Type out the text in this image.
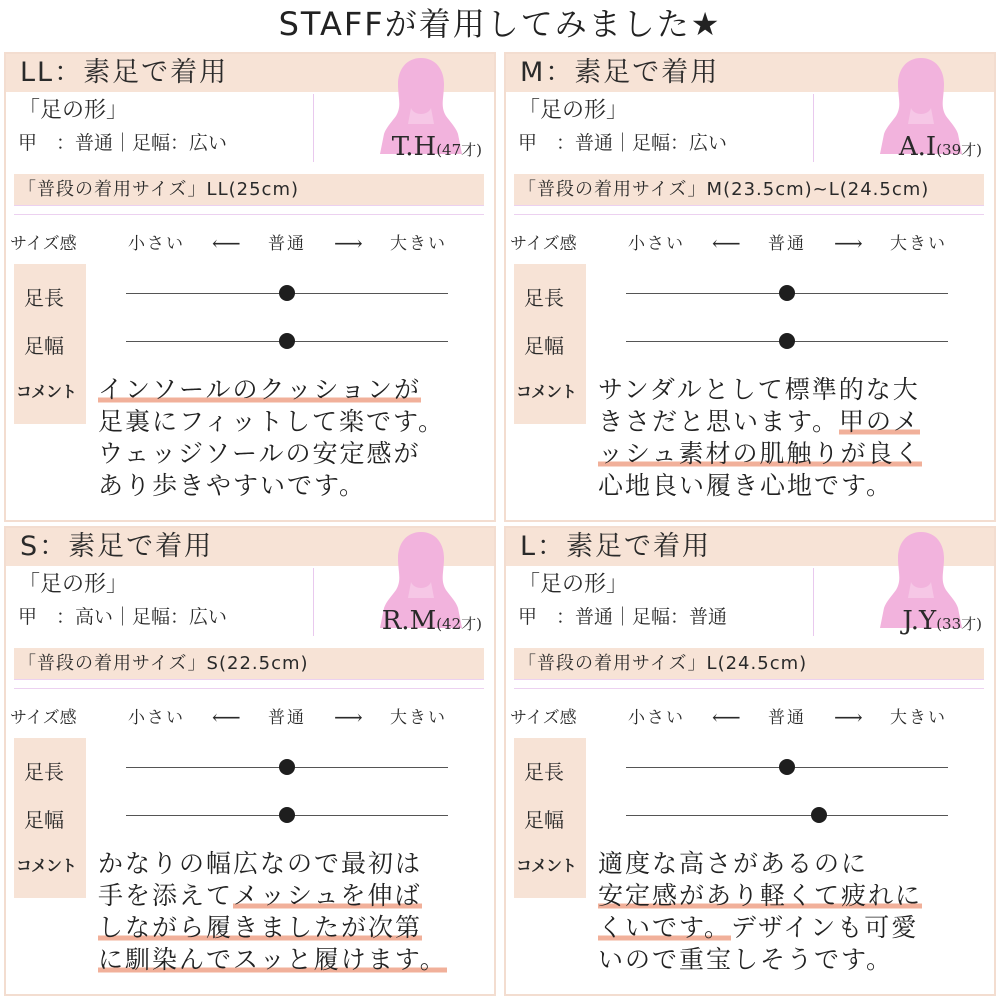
STAFFが着用してみました★
LL：素足で着用
「足の形」
甲　：普通｜足幅：広い	T.H(47才)
「普段の着用サイズ」LL(25cm)
サイズ感	小さい ⟵ 普通 ⟶ 大きい
足長
足幅
コメント インソールのクッションが
足裏にフィットして楽です。
ウェッジソールの安定感が
あり歩きやすいです。
M：素足で着用
「足の形」
甲　：普通｜足幅：広い	A.I(39才)
「普段の着用サイズ」M(23.5cm)~L(24.5cm)
サイズ感	小さい ⟵ 普通 ⟶ 大きい
足長
足幅
コメント サンダルとして標準的な大
きさだと思います。甲のメ
ッシュ素材の肌触りが良く
心地良い履き心地です。
S：素足で着用
「足の形」
甲　：高い｜足幅：広い	R.M(42才)
「普段の着用サイズ」S(22.5cm)
サイズ感	小さい ⟵ 普通 ⟶ 大きい
足長
足幅
コメント かなりの幅広なので最初は
手を添えてメッシュを伸ば
しながら履きましたが次第
に馴染んでスッと履けます。
L：素足で着用
「足の形」
甲　：普通｜足幅：普通	J.Y(33才)
「普段の着用サイズ」L(24.5cm)
サイズ感	小さい ⟵ 普通 ⟶ 大きい
足長
足幅
コメント 適度な高さがあるのに
安定感があり軽くて疲れに
くいです。デザインも可愛
いので重宝しそうです。
